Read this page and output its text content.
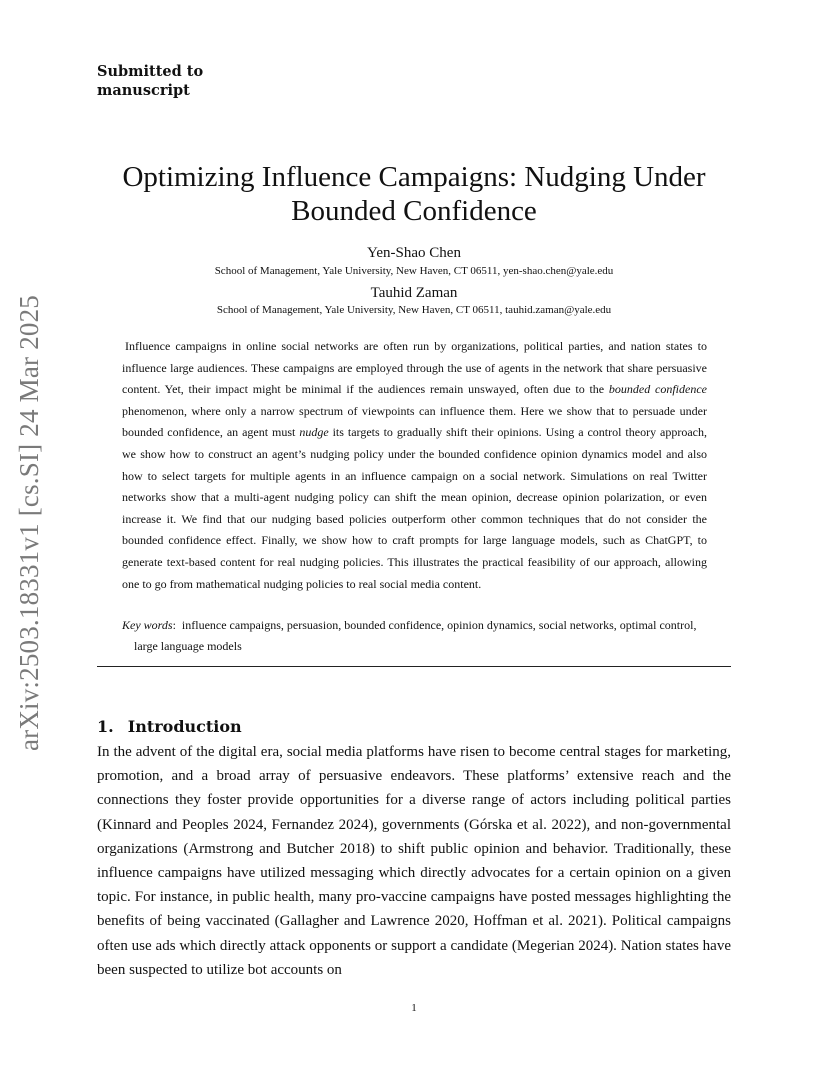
arXiv:2503.18331v1 [cs.SI] 24 Mar 2025
Submitted to
manuscript
Optimizing Influence Campaigns: Nudging Under
Bounded Confidence
Yen-Shao Chen
School of Management, Yale University, New Haven, CT 06511, yen-shao.chen@yale.edu
Tauhid Zaman
School of Management, Yale University, New Haven, CT 06511, tauhid.zaman@yale.edu
Influence campaigns in online social networks are often run by organizations, political parties, and nation states to influence large audiences. These campaigns are employed through the use of agents in the network that share persuasive content. Yet, their impact might be minimal if the audiences remain unswayed, often due to the bounded confidence phenomenon, where only a narrow spectrum of viewpoints can influence them. Here we show that to persuade under bounded confidence, an agent must nudge its targets to gradually shift their opinions. Using a control theory approach, we show how to construct an agent’s nudging policy under the bounded confidence opinion dynamics model and also how to select targets for multiple agents in an influence campaign on a social network. Simulations on real Twitter networks show that a multi-agent nudging policy can shift the mean opinion, decrease opinion polarization, or even increase it. We find that our nudging based policies outperform other common techniques that do not consider the bounded confidence effect. Finally, we show how to craft prompts for large language models, such as ChatGPT, to generate text-based content for real nudging policies. This illustrates the practical feasibility of our approach, allowing one to go from mathematical nudging policies to real social media content.
Key words: influence campaigns, persuasion, bounded confidence, opinion dynamics, social networks, optimal control, large language models
1. Introduction
In the advent of the digital era, social media platforms have risen to become central stages for marketing, promotion, and a broad array of persuasive endeavors. These platforms’ extensive reach and the connections they foster provide opportunities for a diverse range of actors including political parties (Kinnard and Peoples 2024, Fernandez 2024), governments (Górska et al. 2022), and non-governmental organizations (Armstrong and Butcher 2018) to shift public opinion and behavior. Traditionally, these influence campaigns have utilized messaging which directly advocates for a certain opinion on a given topic. For instance, in public health, many pro-vaccine campaigns have posted messages highlighting the benefits of being vaccinated (Gallagher and Lawrence 2020, Hoffman et al. 2021). Political campaigns often use ads which directly attack opponents or support a candidate (Megerian 2024). Nation states have been suspected to utilize bot accounts on
1
